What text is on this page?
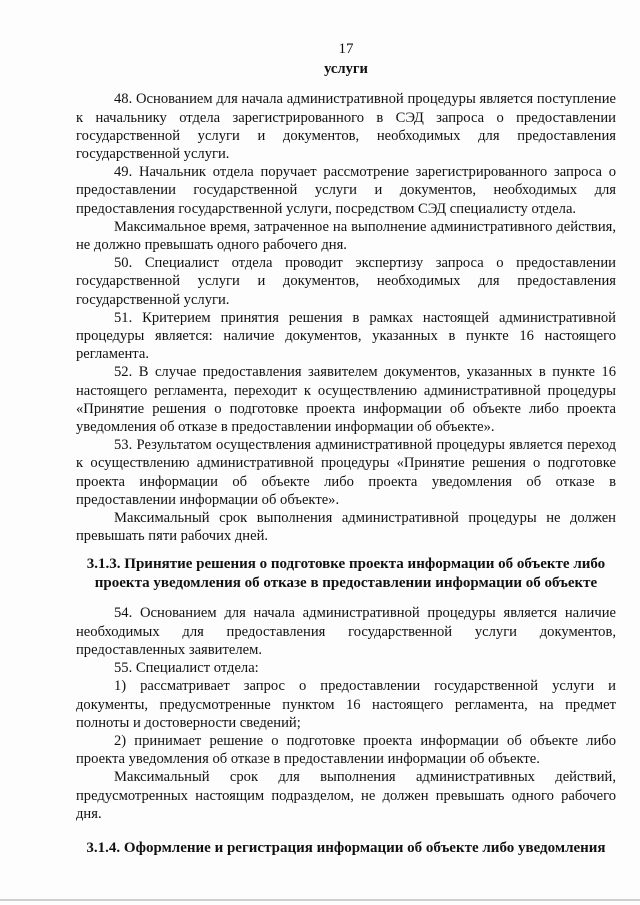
17

услуги

48. Основанием для начала административной процедуры является поступление к начальнику отдела зарегистрированного в СЭД запроса о предоставлении государственной услуги и документов, необходимых для предоставления государственной услуги.

49. Начальник отдела поручает рассмотрение зарегистрированного запроса о предоставлении государственной услуги и документов, необходимых для предоставления государственной услуги, посредством СЭД специалисту отдела.

Максимальное время, затраченное на выполнение административного действия, не должно превышать одного рабочего дня.

50. Специалист отдела проводит экспертизу запроса о предоставлении государственной услуги и документов, необходимых для предоставления государственной услуги.

51. Критерием принятия решения в рамках настоящей административной процедуры является: наличие документов, указанных в пункте 16 настоящего регламента.

52. В случае предоставления заявителем документов, указанных в пункте 16 настоящего регламента, переходит к осуществлению административной процедуры «Принятие решения о подготовке проекта информации об объекте либо проекта уведомления об отказе в предоставлении информации об объекте».

53. Результатом осуществления административной процедуры является переход к осуществлению административной процедуры «Принятие решения о подготовке проекта информации об объекте либо проекта уведомления об отказе в предоставлении информации об объекте».

Максимальный срок выполнения административной процедуры не должен превышать пяти рабочих дней.

3.1.3. Принятие решения о подготовке проекта информации об объекте либо проекта уведомления об отказе в предоставлении информации об объекте

54. Основанием для начала административной процедуры является наличие необходимых для предоставления государственной услуги документов, предоставленных заявителем.

55. Специалист отдела:

1) рассматривает запрос о предоставлении государственной услуги и документы, предусмотренные пунктом 16 настоящего регламента, на предмет полноты и достоверности сведений;

2) принимает решение о подготовке проекта информации об объекте либо проекта уведомления об отказе в предоставлении информации об объекте.

Максимальный срок для выполнения административных действий, предусмотренных настоящим подразделом, не должен превышать одного рабочего дня.

3.1.4. Оформление и регистрация информации об объекте либо уведомления
